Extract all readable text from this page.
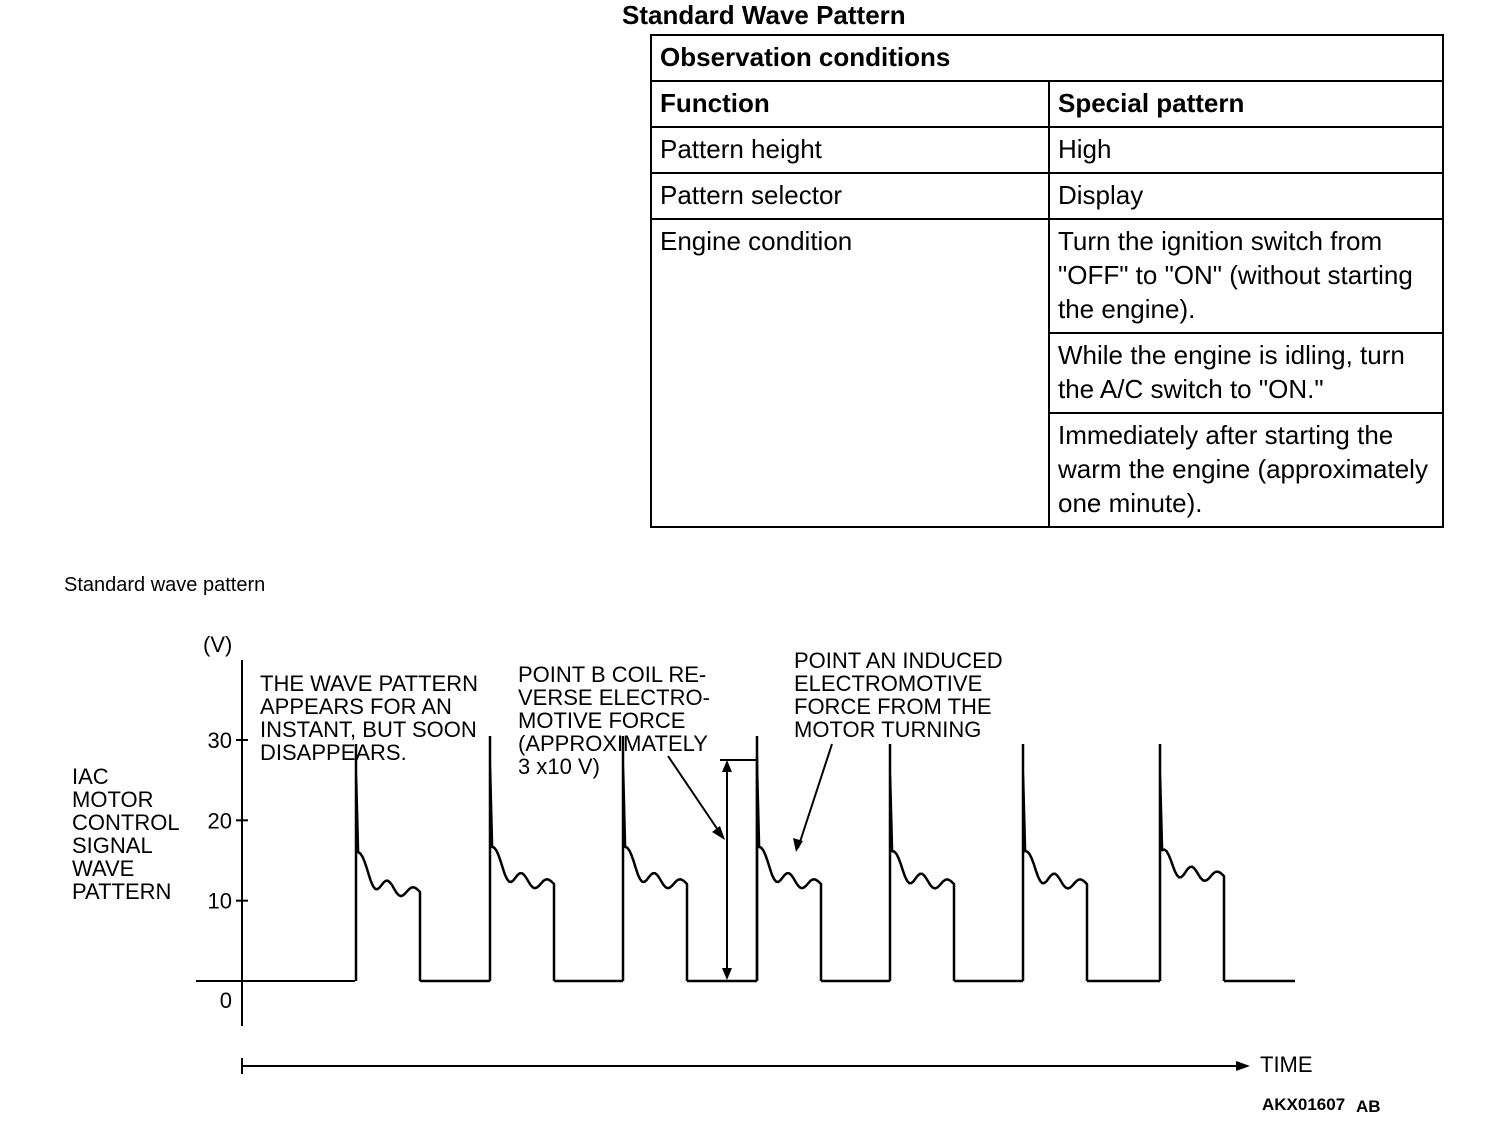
Standard Wave Pattern
Observation conditions	
Function	Special pattern
Pattern height	High
Pattern selector	Display
Engine condition	Turn the ignition switch from "OFF" to "ON" (without starting the engine).
	While the engine is idling, turn the A/C switch to "ON."
	Immediately after starting the warm the engine (approximately one minute).
Standard wave pattern
0
10
20
30
(V)
IAC
MOTOR
CONTROL
SIGNAL
WAVE
PATTERN
TIME
THE WAVE PATTERN
APPEARS FOR AN
INSTANT, BUT SOON
DISAPPEARS.
POINT B COIL RE-
VERSE ELECTRO-
MOTIVE FORCE
(APPROXIMATELY
3 x10 V)
POINT AN INDUCED
ELECTROMOTIVE
FORCE FROM THE
MOTOR TURNING
AKX01607 AB
